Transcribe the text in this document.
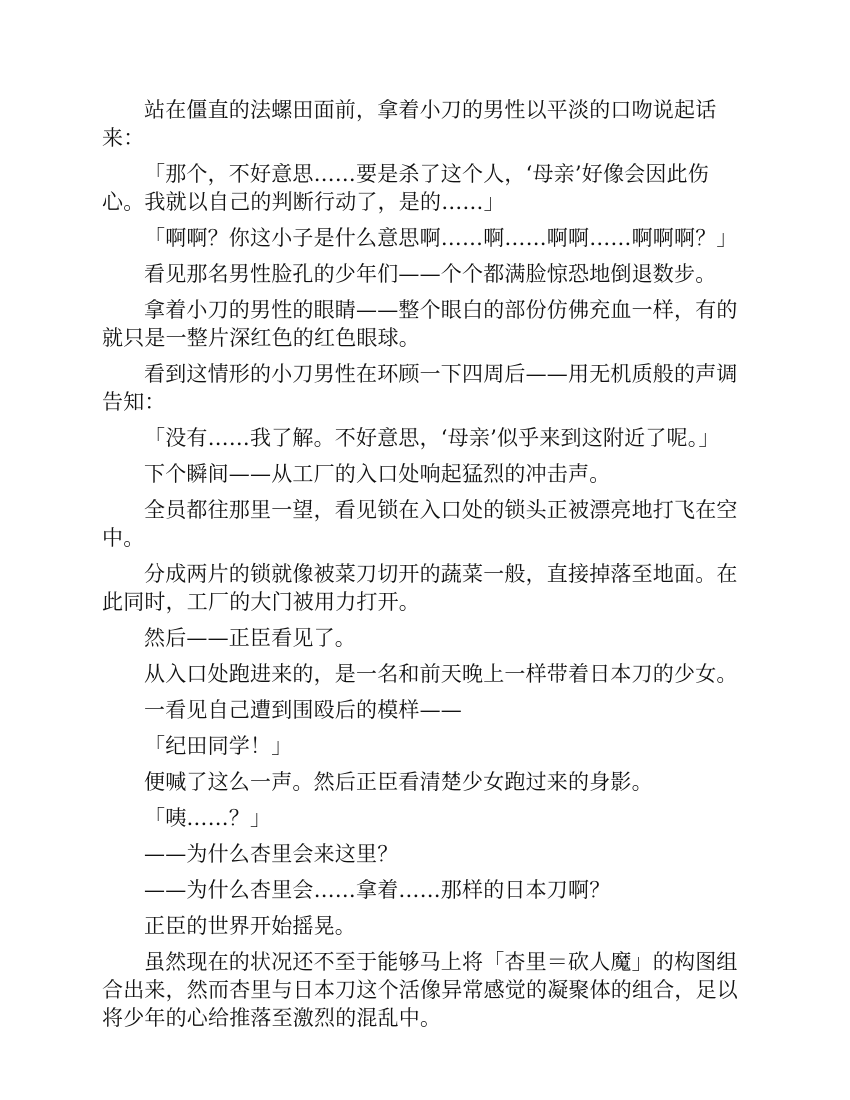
站在僵直的法螺田面前，拿着小刀的男性以平淡的口吻说起话来：

「那个，不好意思……要是杀了这个人，‘母亲’好像会因此伤心。我就以自己的判断行动了，是的……」

「啊啊？你这小子是什么意思啊……啊……啊啊……啊啊啊？」

看见那名男性脸孔的少年们——个个都满脸惊恐地倒退数步。

拿着小刀的男性的眼睛——整个眼白的部份仿佛充血一样，有的就只是一整片深红色的红色眼球。

看到这情形的小刀男性在环顾一下四周后——用无机质般的声调告知：

「没有……我了解。不好意思，‘母亲’似乎来到这附近了呢。」

下个瞬间——从工厂的入口处响起猛烈的冲击声。

全员都往那里一望，看见锁在入口处的锁头正被漂亮地打飞在空中。

分成两片的锁就像被菜刀切开的蔬菜一般，直接掉落至地面。在此同时，工厂的大门被用力打开。

然后——正臣看见了。

从入口处跑进来的，是一名和前天晚上一样带着日本刀的少女。

一看见自己遭到围殴后的模样——

「纪田同学！」

便喊了这么一声。然后正臣看清楚少女跑过来的身影。

「咦……？」

——为什么杏里会来这里？

——为什么杏里会……拿着……那样的日本刀啊？

正臣的世界开始摇晃。

虽然现在的状况还不至于能够马上将「杏里＝砍人魔」的构图组合出来，然而杏里与日本刀这个活像异常感觉的凝聚体的组合，足以将少年的心给推落至激烈的混乱中。
